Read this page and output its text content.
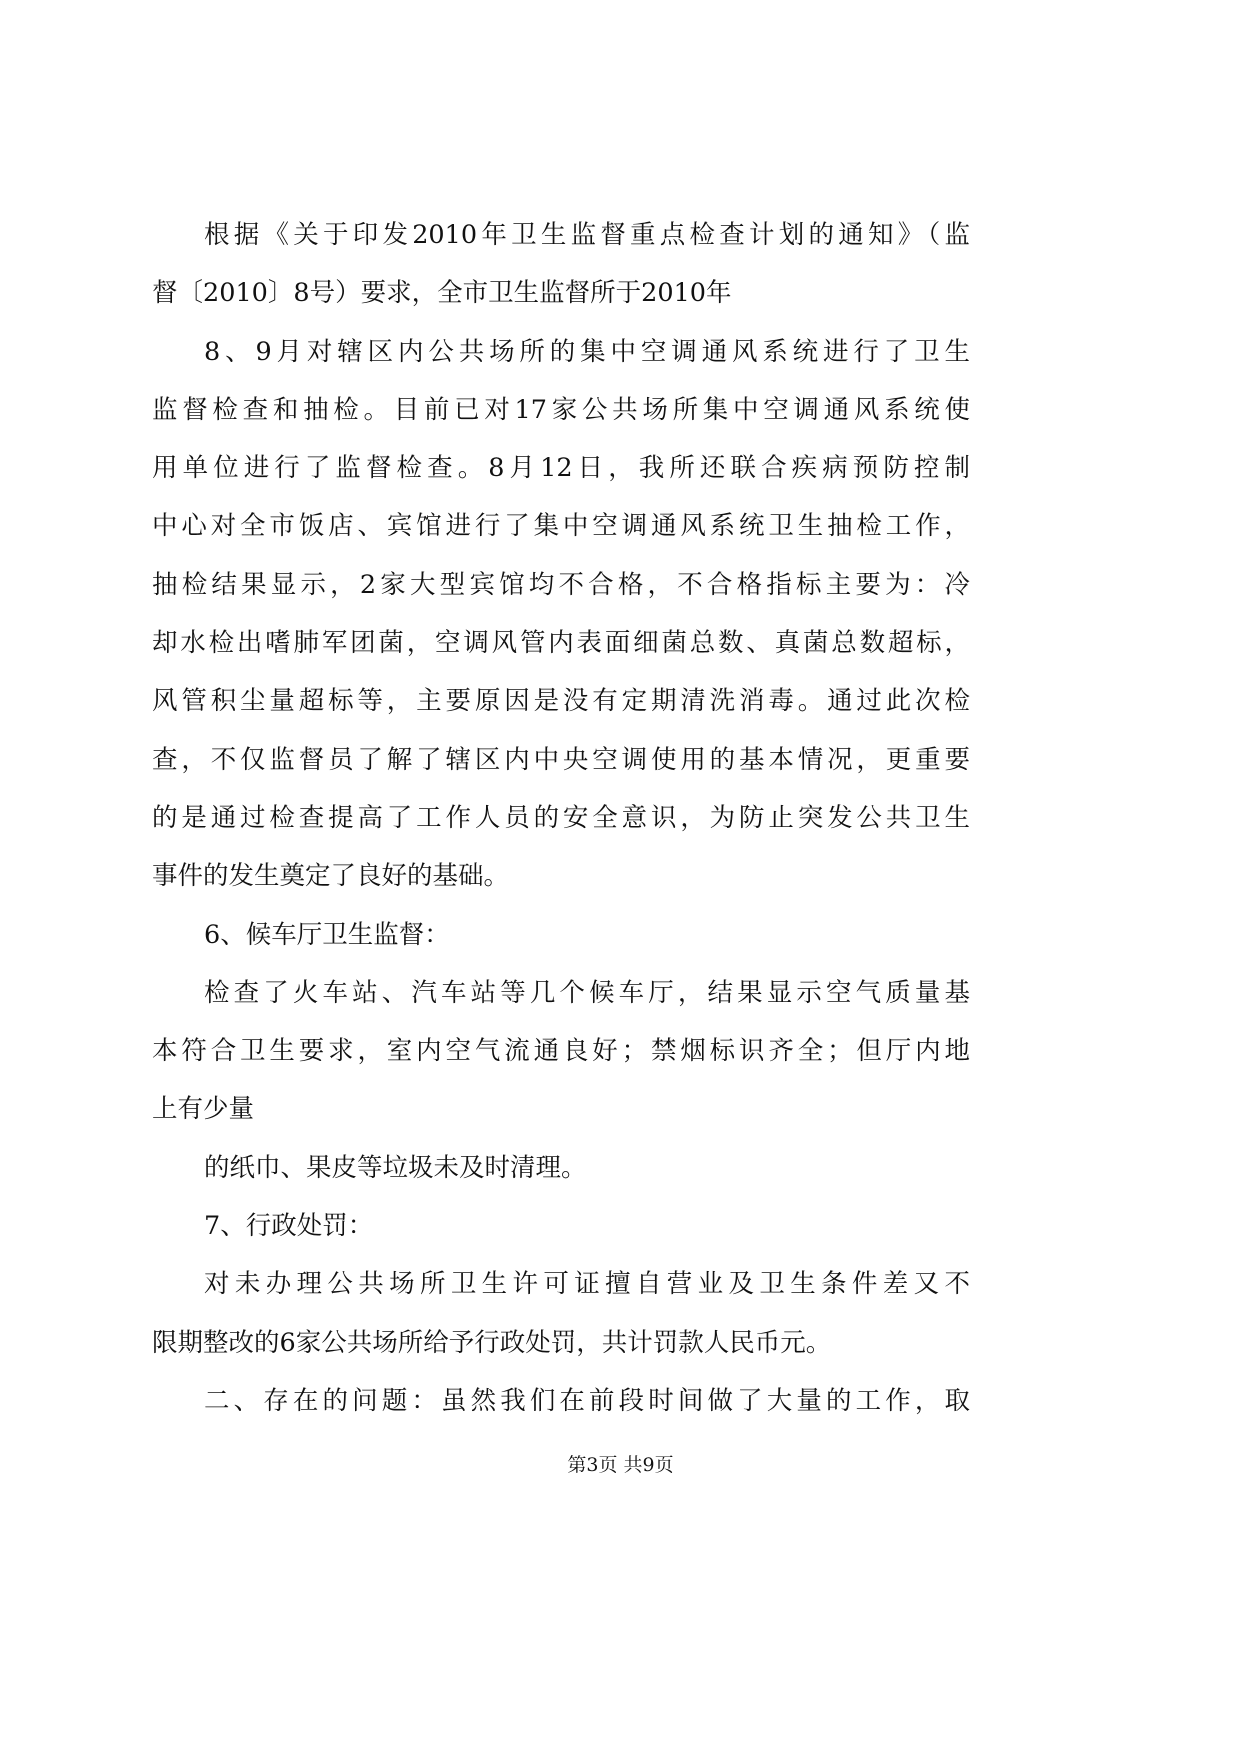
根据《关于印发2010年卫生监督重点检查计划的通知》（监
督〔2010〕8号）要求，全市卫生监督所于2010年
8、9月对辖区内公共场所的集中空调通风系统进行了卫生
监督检查和抽检。目前已对17家公共场所集中空调通风系统使
用单位进行了监督检查。8月12日，我所还联合疾病预防控制
中心对全市饭店、宾馆进行了集中空调通风系统卫生抽检工作，
抽检结果显示，2家大型宾馆均不合格，不合格指标主要为：冷
却水检出嗜肺军团菌，空调风管内表面细菌总数、真菌总数超标，
风管积尘量超标等，主要原因是没有定期清洗消毒。通过此次检
查，不仅监督员了解了辖区内中央空调使用的基本情况，更重要
的是通过检查提高了工作人员的安全意识，为防止突发公共卫生
事件的发生奠定了良好的基础。
6、候车厅卫生监督：
检查了火车站、汽车站等几个候车厅，结果显示空气质量基
本符合卫生要求，室内空气流通良好；禁烟标识齐全；但厅内地
上有少量
的纸巾、果皮等垃圾未及时清理。
7、行政处罚：
对未办理公共场所卫生许可证擅自营业及卫生条件差又不
限期整改的6家公共场所给予行政处罚，共计罚款人民币元。
二、存在的问题：虽然我们在前段时间做了大量的工作，取
第3页 共9页
